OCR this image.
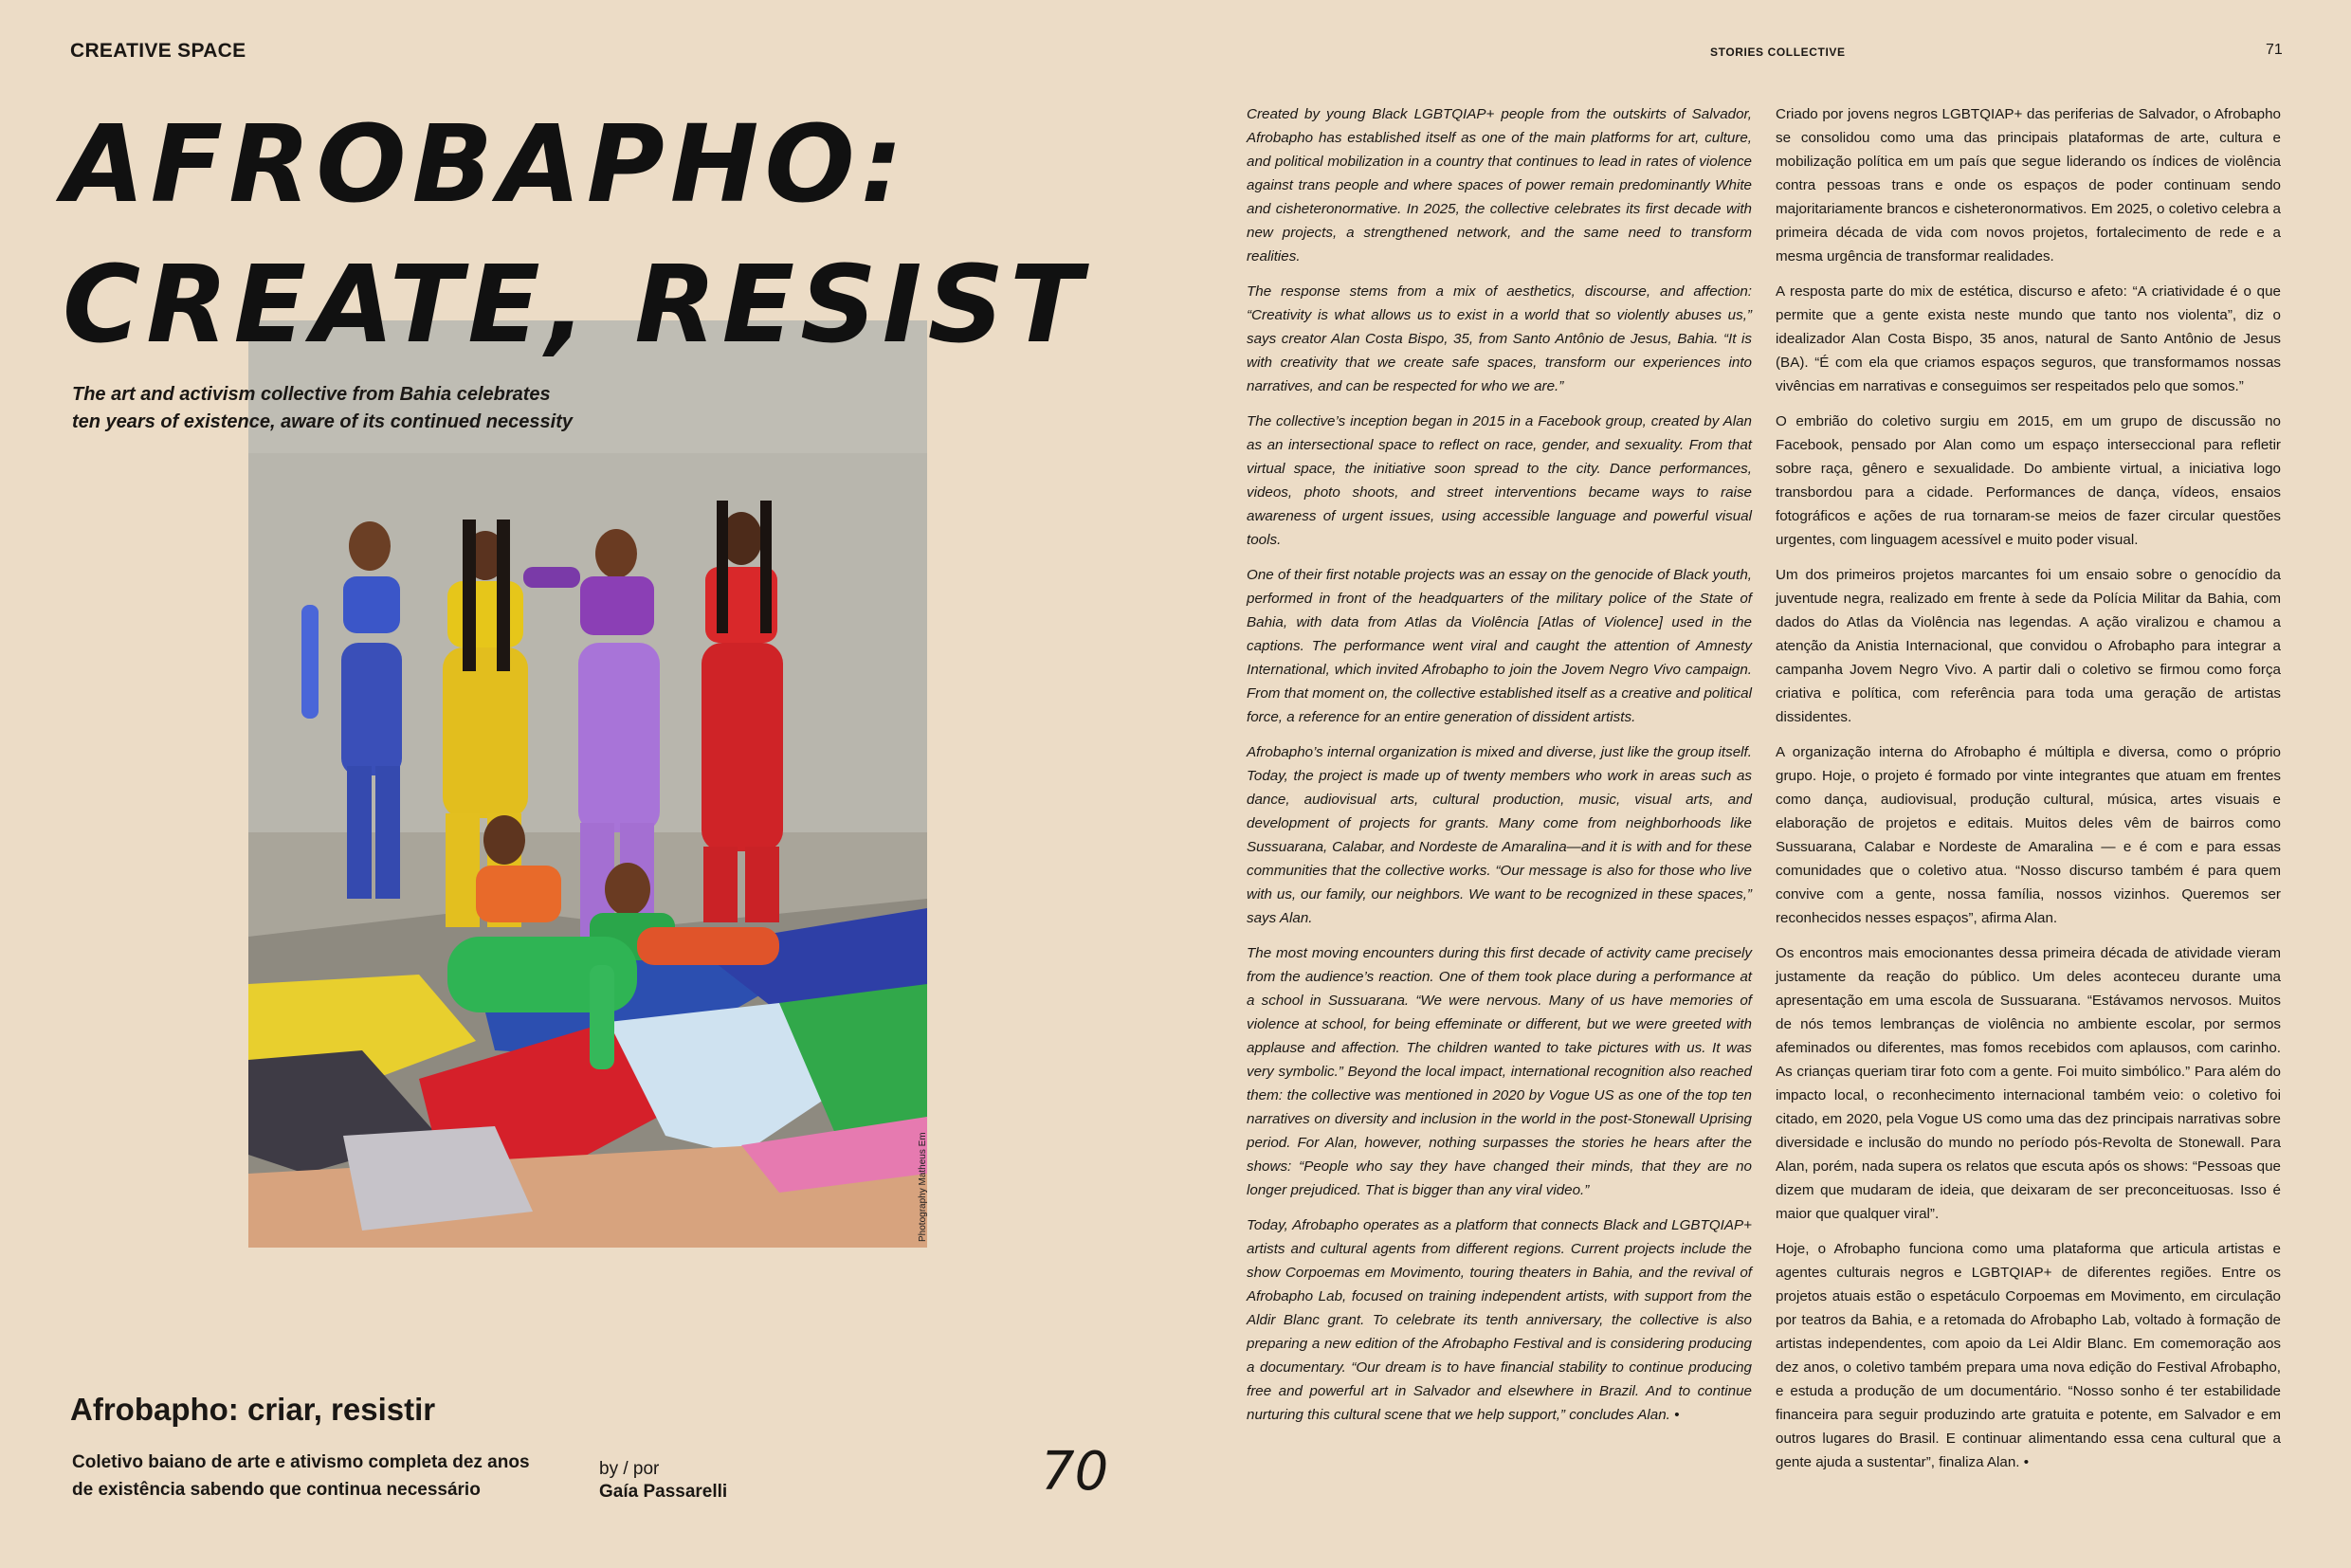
CREATIVE SPACE	STORIES COLLECTIVE	71
Photography Matheus Em
AFROBAPHO:
CREATE, RESIST
The art and activism collective from Bahia celebrates
ten years of existence, aware of its continued necessity
Afrobapho: criar, resistir
Coletivo baiano de arte e ativismo completa dez anos
de existência sabendo que continua necessário
by / por
Gaía Passarelli	70

Created by young Black LGBTQIAP+ people from the outskirts of Salvador, Afrobapho has established itself as one of the main platforms for art, culture, and political mobilization in a country that continues to lead in rates of violence against trans people and where spaces of power remain predominantly White and cisheteronormative. In 2025, the collective celebrates its first decade with new projects, a strengthened network, and the same need to transform realities.

The response stems from a mix of aesthetics, discourse, and affection: “Creativity is what allows us to exist in a world that so violently abuses us,” says creator Alan Costa Bispo, 35, from Santo Antônio de Jesus, Bahia. “It is with creativity that we create safe spaces, transform our experiences into narratives, and can be respected for who we are.”

The collective’s inception began in 2015 in a Facebook group, created by Alan as an intersectional space to reflect on race, gender, and sexuality. From that virtual space, the initiative soon spread to the city. Dance performances, videos, photo shoots, and street interventions became ways to raise awareness of urgent issues, using accessible language and powerful visual tools.

One of their first notable projects was an essay on the genocide of Black youth, performed in front of the headquarters of the military police of the State of Bahia, with data from Atlas da Violência [Atlas of Violence] used in the captions. The performance went viral and caught the attention of Amnesty International, which invited Afrobapho to join the Jovem Negro Vivo campaign. From that moment on, the collective established itself as a creative and political force, a reference for an entire generation of dissident artists.

Afrobapho’s internal organization is mixed and diverse, just like the group itself. Today, the project is made up of twenty members who work in areas such as dance, audiovisual arts, cultural production, music, visual arts, and development of projects for grants. Many come from neighborhoods like Sussuarana, Calabar, and Nordeste de Amaralina—and it is with and for these communities that the collective works. “Our message is also for those who live with us, our family, our neighbors. We want to be recognized in these spaces,” says Alan.

The most moving encounters during this first decade of activity came precisely from the audience’s reaction. One of them took place during a performance at a school in Sussuarana. “We were nervous. Many of us have memories of violence at school, for being effeminate or different, but we were greeted with applause and affection. The children wanted to take pictures with us. It was very symbolic.” Beyond the local impact, international recognition also reached them: the collective was mentioned in 2020 by Vogue US as one of the top ten narratives on diversity and inclusion in the world in the post-Stonewall Uprising period. For Alan, however, nothing surpasses the stories he hears after the shows: “People who say they have changed their minds, that they are no longer prejudiced. That is bigger than any viral video.”

Today, Afrobapho operates as a platform that connects Black and LGBTQIAP+ artists and cultural agents from different regions. Current projects include the show Corpoemas em Movimento, touring theaters in Bahia, and the revival of Afrobapho Lab, focused on training independent artists, with support from the Aldir Blanc grant. To celebrate its tenth anniversary, the collective is also preparing a new edition of the Afrobapho Festival and is considering producing a documentary. “Our dream is to have financial stability to continue producing free and powerful art in Salvador and elsewhere in Brazil. And to continue nurturing this cultural scene that we help support,” concludes Alan. •

Criado por jovens negros LGBTQIAP+ das periferias de Salvador, o Afrobapho se consolidou como uma das principais plataformas de arte, cultura e mobilização política em um país que segue liderando os índices de violência contra pessoas trans e onde os espaços de poder continuam sendo majoritariamente brancos e cisheteronormativos. Em 2025, o coletivo celebra a primeira década de vida com novos projetos, fortalecimento de rede e a mesma urgência de transformar realidades.

A resposta parte do mix de estética, discurso e afeto: “A criatividade é o que permite que a gente exista neste mundo que tanto nos violenta”, diz o idealizador Alan Costa Bispo, 35 anos, natural de Santo Antônio de Jesus (BA). “É com ela que criamos espaços seguros, que transformamos nossas vivências em narrativas e conseguimos ser respeitados pelo que somos.”

O embrião do coletivo surgiu em 2015, em um grupo de discussão no Facebook, pensado por Alan como um espaço interseccional para refletir sobre raça, gênero e sexualidade. Do ambiente virtual, a iniciativa logo transbordou para a cidade. Performances de dança, vídeos, ensaios fotográficos e ações de rua tornaram-se meios de fazer circular questões urgentes, com linguagem acessível e muito poder visual.

Um dos primeiros projetos marcantes foi um ensaio sobre o genocídio da juventude negra, realizado em frente à sede da Polícia Militar da Bahia, com dados do Atlas da Violência nas legendas. A ação viralizou e chamou a atenção da Anistia Internacional, que convidou o Afrobapho para integrar a campanha Jovem Negro Vivo. A partir dali o coletivo se firmou como força criativa e política, com referência para toda uma geração de artistas dissidentes.

A organização interna do Afrobapho é múltipla e diversa, como o próprio grupo. Hoje, o projeto é formado por vinte integrantes que atuam em frentes como dança, audiovisual, produção cultural, música, artes visuais e elaboração de projetos e editais. Muitos deles vêm de bairros como Sussuarana, Calabar e Nordeste de Amaralina — e é com e para essas comunidades que o coletivo atua. “Nosso discurso também é para quem convive com a gente, nossa família, nossos vizinhos. Queremos ser reconhecidos nesses espaços”, afirma Alan.

Os encontros mais emocionantes dessa primeira década de atividade vieram justamente da reação do público. Um deles aconteceu durante uma apresentação em uma escola de Sussuarana. “Estávamos nervosos. Muitos de nós temos lembranças de violência no ambiente escolar, por sermos afeminados ou diferentes, mas fomos recebidos com aplausos, com carinho. As crianças queriam tirar foto com a gente. Foi muito simbólico.” Para além do impacto local, o reconhecimento internacional também veio: o coletivo foi citado, em 2020, pela Vogue US como uma das dez principais narrativas sobre diversidade e inclusão do mundo no período pós-Revolta de Stonewall. Para Alan, porém, nada supera os relatos que escuta após os shows: “Pessoas que dizem que mudaram de ideia, que deixaram de ser preconceituosas. Isso é maior que qualquer viral”.

Hoje, o Afrobapho funciona como uma plataforma que articula artistas e agentes culturais negros e LGBTQIAP+ de diferentes regiões. Entre os projetos atuais estão o espetáculo Corpoemas em Movimento, em circulação por teatros da Bahia, e a retomada do Afrobapho Lab, voltado à formação de artistas independentes, com apoio da Lei Aldir Blanc. Em comemoração aos dez anos, o coletivo também prepara uma nova edição do Festival Afrobapho, e estuda a produção de um documentário. “Nosso sonho é ter estabilidade financeira para seguir produzindo arte gratuita e potente, em Salvador e em outros lugares do Brasil. E continuar alimentando essa cena cultural que a gente ajuda a sustentar”, finaliza Alan. •
